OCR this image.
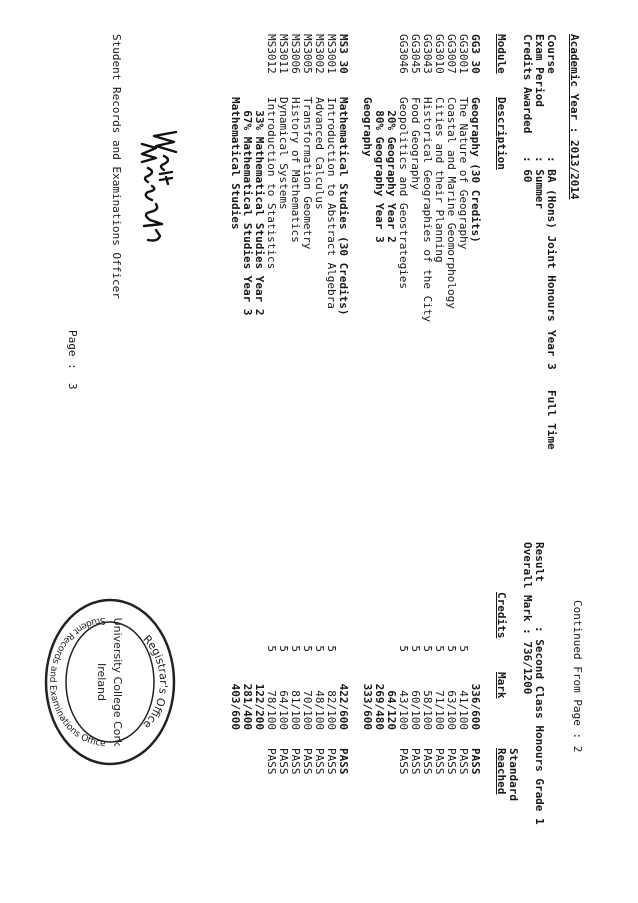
Academic Year : 2013/2014
Continued From Page : 2
Course
: BA (Hons) Joint Honours
Year 3
Full Time
Exam Period
: Summer
Result
: Second Class Honours Grade 1
Credits Awarded
: 60
Overall Mark : 736/1200
Module
Description
Credits
Mark
Standard
Reached
GG3 30
Geography (30 Credits)
336/600
PASS
GG3001
The Nature of Geography
5
41/100
PASS
GG3007
Coastal and Marine Geomorphology
5
63/100
PASS
GG3010
Cities and their Planning
5
71/100
PASS
GG3043
Historical Geographies of the City
5
58/100
PASS
GG3045
Food Geography
5
60/100
PASS
GG3046
Geopolitics and Geostrategies
5
43/100
PASS
20% Geography Year 2
64/120
80% Geography Year 3
269/480
Geography
333/600
MS3 30
Mathematical Studies (30 Credits)
422/600
PASS
MS3001
Introduction to Abstract Algebra
5
82/100
PASS
MS3002
Advanced Calculus
5
48/100
PASS
MS3005
Transformation Geometry
5
70/100
PASS
MS3006
History of Mathematics
5
81/100
PASS
MS3011
Dynamical Systems
5
64/100
PASS
MS3012
Introduction to Statistics
5
78/100
PASS
33% Mathematical Studies Year 2
122/200
67% Mathematical Studies Year 3
281/400
Mathematical Studies
403/600
Student Records and Examinations Officer
Registrar's Office
University College Cork
Ireland
Student Records and Examinations Office
Page :  3
